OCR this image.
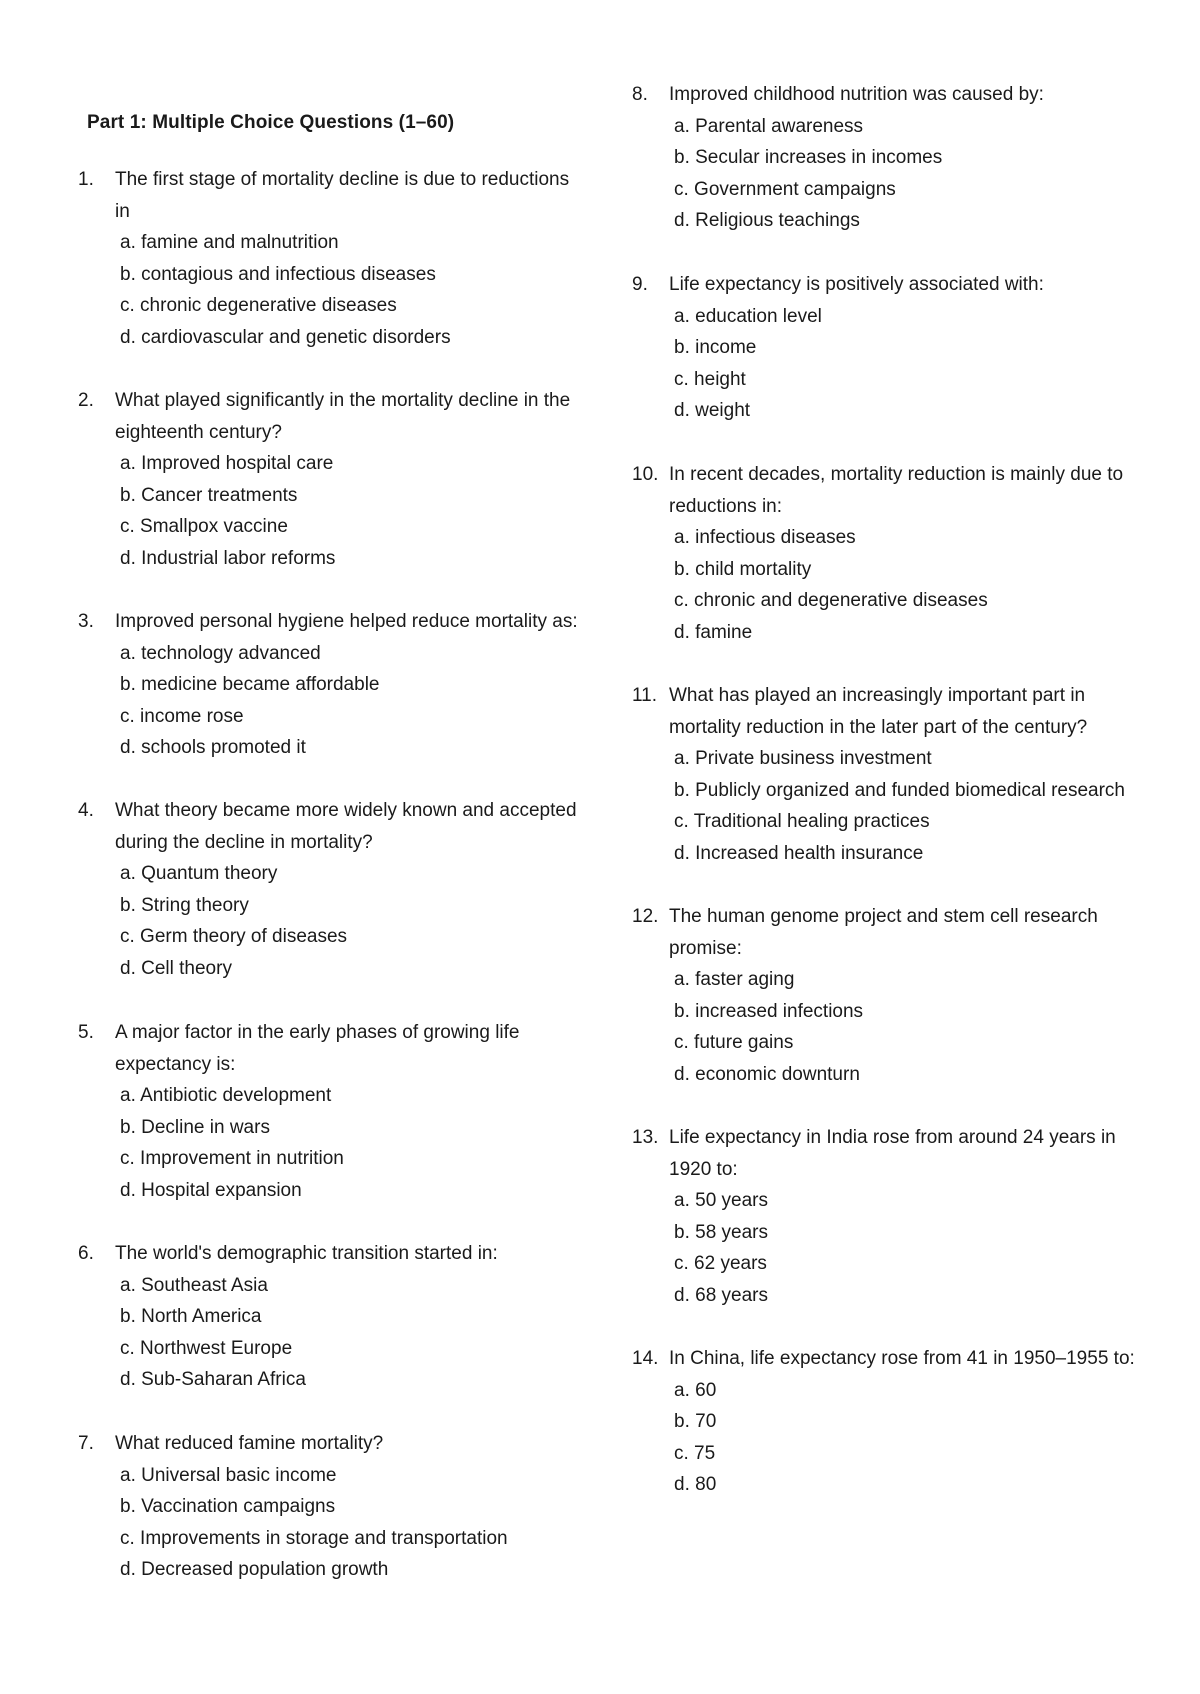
Part 1: Multiple Choice Questions (1–60)
1. The first stage of mortality decline is due to reductions in
a. famine and malnutrition
b. contagious and infectious diseases
c. chronic degenerative diseases
d. cardiovascular and genetic disorders
2. What played significantly in the mortality decline in the eighteenth century?
a. Improved hospital care
b. Cancer treatments
c. Smallpox vaccine
d. Industrial labor reforms
3. Improved personal hygiene helped reduce mortality as:
a. technology advanced
b. medicine became affordable
c. income rose
d. schools promoted it
4. What theory became more widely known and accepted during the decline in mortality?
a. Quantum theory
b. String theory
c. Germ theory of diseases
d. Cell theory
5. A major factor in the early phases of growing life expectancy is:
a. Antibiotic development
b. Decline in wars
c. Improvement in nutrition
d. Hospital expansion
6. The world's demographic transition started in:
a. Southeast Asia
b. North America
c. Northwest Europe
d. Sub-Saharan Africa
7. What reduced famine mortality?
a. Universal basic income
b. Vaccination campaigns
c. Improvements in storage and transportation
d. Decreased population growth
8. Improved childhood nutrition was caused by:
a. Parental awareness
b. Secular increases in incomes
c. Government campaigns
d. Religious teachings
9. Life expectancy is positively associated with:
a. education level
b. income
c. height
d. weight
10. In recent decades, mortality reduction is mainly due to reductions in:
a. infectious diseases
b. child mortality
c. chronic and degenerative diseases
d. famine
11. What has played an increasingly important part in mortality reduction in the later part of the century?
a. Private business investment
b. Publicly organized and funded biomedical research
c. Traditional healing practices
d. Increased health insurance
12. The human genome project and stem cell research promise:
a. faster aging
b. increased infections
c. future gains
d. economic downturn
13. Life expectancy in India rose from around 24 years in 1920 to:
a. 50 years
b. 58 years
c. 62 years
d. 68 years
14. In China, life expectancy rose from 41 in 1950–1955 to:
a. 60
b. 70
c. 75
d. 80
